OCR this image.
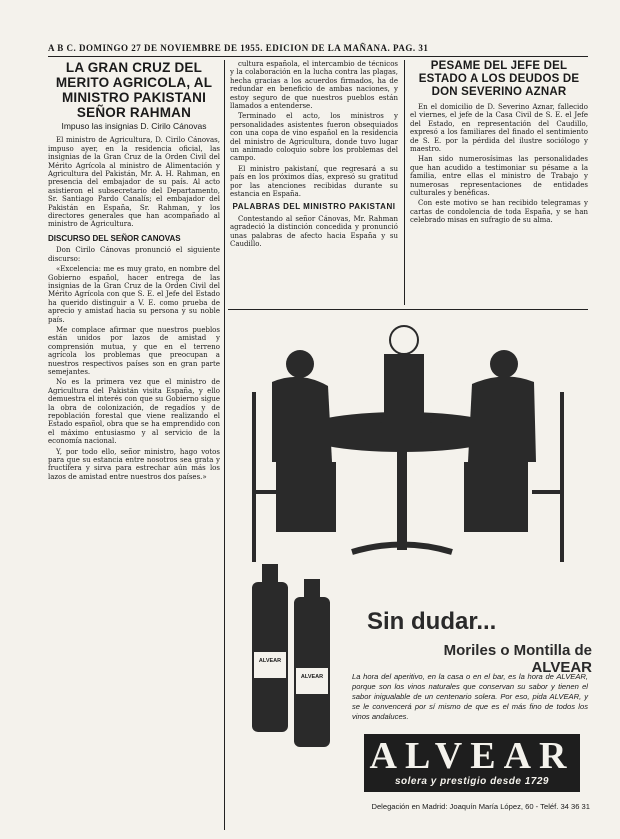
A B C. DOMINGO 27 DE NOVIEMBRE DE 1955. EDICION DE LA MAÑANA. PAG. 31
LA GRAN CRUZ DEL MERITO AGRICOLA, AL MINISTRO PAKISTANI SEÑOR RAHMAN
Impuso las insignias D. Cirilo Cánovas

El ministro de Agricultura, D. Cirilo Cánovas, impuso ayer, en la residencia oficial, las insignias de la Gran Cruz de la Orden Civil del Mérito Agrícola al ministro de Alimentación y Agricultura del Pakistán, Mr. A. H. Rahman, en presencia del embajador de su país. Al acto asistieron el subsecretario del Departamento, Sr. Santiago Pardo Canalís; el embajador del Pakistán en España, Sr. Rahman, y los directores generales que han acompañado al ministro de Agricultura.

DISCURSO DEL SEÑOR CANOVAS

Don Cirilo Cánovas pronunció el siguiente discurso:

«Excelencia: me es muy grato, en nombre del Gobierno español, hacer entrega de las insignias de la Gran Cruz de la Orden Civil del Mérito Agrícola con que S. E. el Jefe del Estado ha querido distinguir a V. E. como prueba de aprecio y amistad hacia su persona y su noble país.

Me complace afirmar que nuestros pueblos están unidos por lazos de amistad y comprensión mutua, y que en el terreno agrícola los problemas que preocupan a nuestros respectivos países son en gran parte semejantes.

No es la primera vez que el ministro de Agricultura del Pakistán visita España, y ello demuestra el interés con que su Gobierno sigue la obra de colonización, de regadíos y de repoblación forestal que viene realizando el Estado español, obra que se ha emprendido con el máximo entusiasmo y al servicio de la economía nacional.

Y, por todo ello, señor ministro, hago votos para que su estancia entre nosotros sea grata y fructífera y sirva para estrechar aún más los lazos de amistad entre nuestros dos países.»

cultura española, el intercambio de técnicos y la colaboración en la lucha contra las plagas, hecha gracias a los acuerdos firmados, ha de redundar en beneficio de ambas naciones, y estoy seguro de que nuestros pueblos están llamados a entenderse.

Terminado el acto, los ministros y personalidades asistentes fueron obsequiados con una copa de vino español en la residencia del ministro de Agricultura, donde tuvo lugar un animado coloquio sobre los problemas del campo.

El ministro pakistaní, que regresará a su país en los próximos días, expresó su gratitud por las atenciones recibidas durante su estancia en España.

PALABRAS DEL MINISTRO PAKISTANI

Contestando al señor Cánovas, Mr. Rahman agradeció la distinción concedida y pronunció unas palabras de afecto hacia España y su Caudillo.

PESAME DEL JEFE DEL ESTADO A LOS DEUDOS DE DON SEVERINO AZNAR

En el domicilio de D. Severino Aznar, fallecido el viernes, el jefe de la Casa Civil de S. E. el Jefe del Estado, en representación del Caudillo, expresó a los familiares del finado el sentimiento de S. E. por la pérdida del ilustre sociólogo y maestro.

Han sido numerosísimas las personalidades que han acudido a testimoniar su pésame a la familia, entre ellas el ministro de Trabajo y numerosas representaciones de entidades culturales y benéficas.

Con este motivo se han recibido telegramas y cartas de condolencia de toda España, y se han celebrado misas en sufragio de su alma.

ALVEAR
ALVEAR
Sin dudar...
Moriles o Montilla de ALVEAR
La hora del aperitivo, en la casa o en el bar, es la hora de ALVEAR, porque son los vinos naturales que conservan su sabor y tienen el sabor inigualable de un centenario solera. Por eso, pida ALVEAR, y se le convencerá por sí mismo de que es el más fino de todos los vinos andaluces.
ALVEAR
solera y prestigio desde 1729
Delegación en Madrid: Joaquín María López, 60 - Teléf. 34 36 31
